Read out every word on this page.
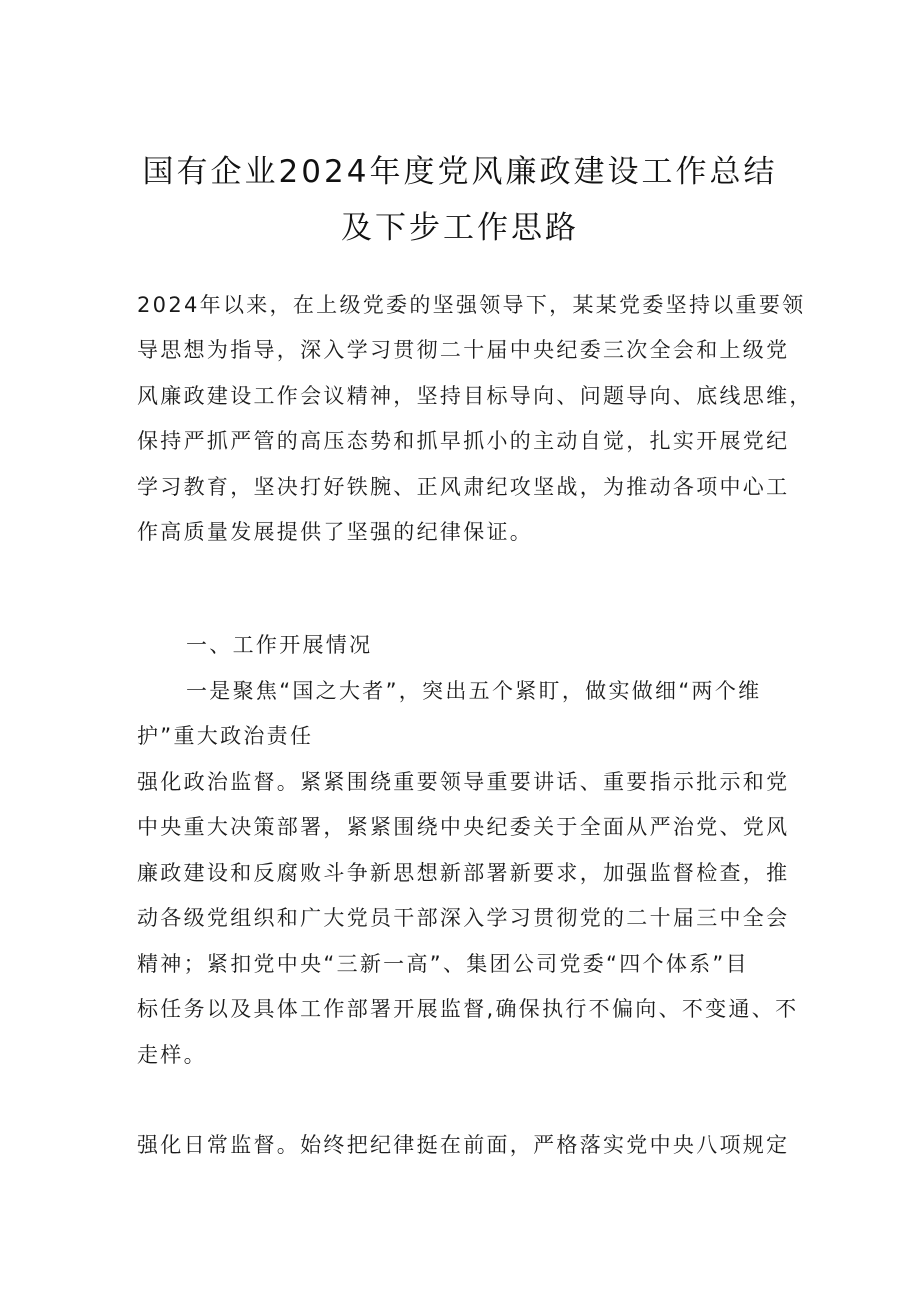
国有企业2024年度党风廉政建设工作总结
及下步工作思路
2024年以来，在上级党委的坚强领导下，某某党委坚持以重要领
导思想为指导，深入学习贯彻二十届中央纪委三次全会和上级党
风廉政建设工作会议精神，坚持目标导向、问题导向、底线思维，
保持严抓严管的高压态势和抓早抓小的主动自觉，扎实开展党纪
学习教育，坚决打好铁腕、正风肃纪攻坚战，为推动各项中心工
作高质量发展提供了坚强的纪律保证。
一、工作开展情况
一是聚焦“国之大者”，突出五个紧盯，做实做细“两个维
护”重大政治责任
强化政治监督。紧紧围绕重要领导重要讲话、重要指示批示和党
中央重大决策部署，紧紧围绕中央纪委关于全面从严治党、党风
廉政建设和反腐败斗争新思想新部署新要求，加强监督检查，推
动各级党组织和广大党员干部深入学习贯彻党的二十届三中全会
精神；紧扣党中央“三新一高”、集团公司党委“四个体系”目
标任务以及具体工作部署开展监督,确保执行不偏向、不变通、不
走样。
强化日常监督。始终把纪律挺在前面，严格落实党中央八项规定
